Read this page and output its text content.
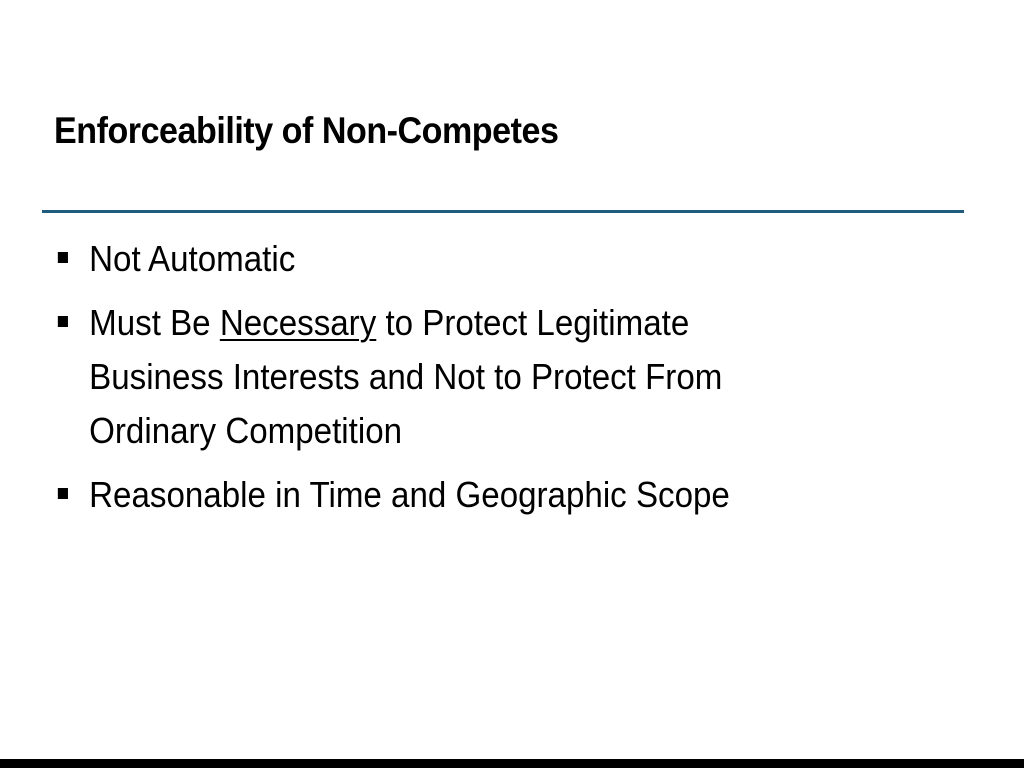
Enforceability of Non-Competes
Not Automatic
Must Be Necessary to Protect Legitimate
Business Interests and Not to Protect From
Ordinary Competition
Reasonable in Time and Geographic Scope
